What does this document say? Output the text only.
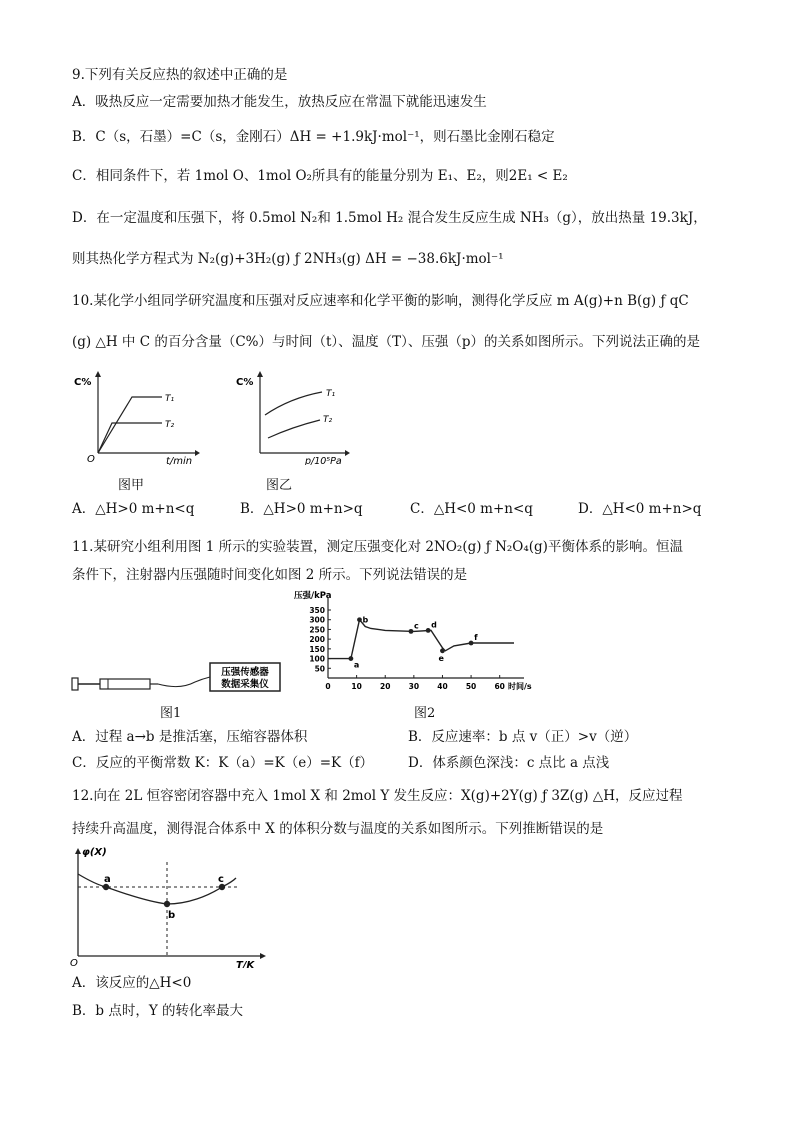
9.下列有关反应热的叙述中正确的是
A．吸热反应一定需要加热才能发生，放热反应在常温下就能迅速发生
B．C（s，石墨）=C（s，金刚石）ΔH = +1.9kJ·mol⁻¹，则石墨比金刚石稳定
C．相同条件下，若 1mol O、1mol O₂所具有的能量分别为 E₁、E₂，则2E₁ < E₂
D．在一定温度和压强下，将 0.5mol N₂和 1.5mol H₂ 混合发生反应生成 NH₃（g），放出热量 19.3kJ，
则其热化学方程式为 N₂(g)+3H₂(g) ƒ 2NH₃(g) ΔH = −38.6kJ·mol⁻¹
10.某化学小组同学研究温度和压强对反应速率和化学平衡的影响，测得化学反应 m A(g)+n B(g) ƒ qC
(g) △H 中 C 的百分含量（C%）与时间（t）、温度（T）、压强（p）的关系如图所示。下列说法正确的是
C%
O	t/min
T₁
T₂
图甲
C%
p/10⁵Pa
T₁
T₂
图乙
A．△H>0 m+n<q	B．△H>0 m+n>q	C．△H<0 m+n<q	D．△H<0 m+n>q
11.某研究小组利用图 1 所示的实验装置，测定压强变化对 2NO₂(g) ƒ N₂O₄(g)平衡体系的影响。恒温
条件下，注射器内压强随时间变化如图 2 所示。下列说法错误的是
压强传感器
数据采集仪
图1
压强/kPa
时间/s
350
300
250
200
150
100
50
0	10 20 30 40 50 60
a
b
c d
e
f
图2
A．过程 a→b 是推活塞，压缩容器体积	B．反应速率：b 点 v（正）>v（逆）
C．反应的平衡常数 K：K（a）=K（e）=K（f）	D．体系颜色深浅：c 点比 a 点浅
12.向在 2L 恒容密闭容器中充入 1mol X 和 2mol Y 发生反应：X(g)+2Y(g) ƒ 3Z(g) △H，反应过程
持续升高温度，测得混合体系中 X 的体积分数与温度的关系如图所示。下列推断错误的是
a
b
c
φ(X)
O	T/K
A．该反应的△H<0
B．b 点时，Y 的转化率最大
